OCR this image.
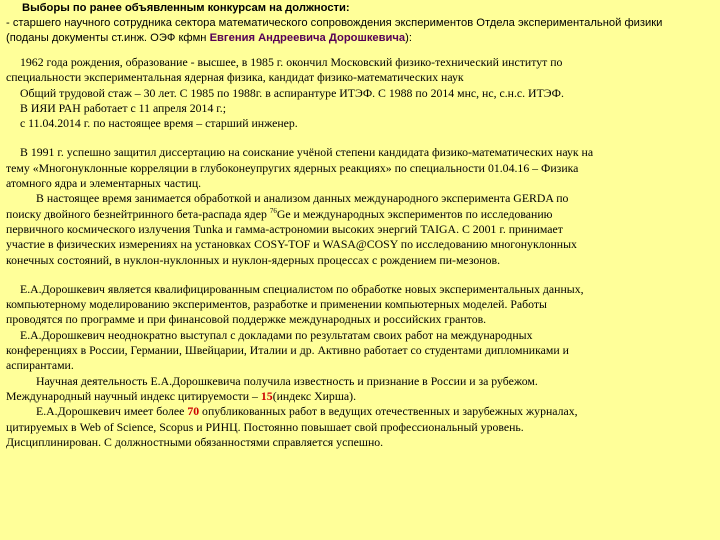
Выборы по ранее объявленным конкурсам на должности:
- старшего научного сотрудника сектора математического сопровождения экспериментов Отдела экспериментальной физики
(поданы документы ст.инж. ОЭФ кфмн Евгения Андреевича Дорошкевича):

1962 года рождения, образование - высшее, в 1985 г. окончил Московский физико-технический институт по

специальности экспериментальная ядерная физика, кандидат физико-математических наук

Общий трудовой стаж – 30 лет. С 1985 по 1988г. в аспирантуре ИТЭФ. С 1988 по 2014 мнс, нс, с.н.с. ИТЭФ.

В ИЯИ РАН работает с 11 апреля 2014 г.;

с 11.04.2014 г. по настоящее время – старший инженер.

В 1991 г. успешно защитил диссертацию на соискание учёной степени кандидата физико-математических наук на

тему «Многонуклонные корреляции в глубоконеупругих ядерных реакциях» по специальности 01.04.16 – Физика

атомного ядра и элементарных частиц.

В настоящее время занимается обработкой и анализом данных международного эксперимента GERDA по

поиску двойного безнейтринного бета-распада ядер $^{76}$Ge и международных экспериментов по исследованию

первичного космического излучения Tunka и гамма-астрономии высоких энергий TAIGA. С 2001 г. принимает

участие в физических измерениях на установках COSY-TOF и WASA@COSY по исследованию многонуклонных

конечных состояний, в нуклон-нуклонных и нуклон-ядерных процессах с рождением пи-мезонов.

Е.А.Дорошкевич является квалифицированным специалистом по обработке новых экспериментальных данных,

компьютерному моделированию экспериментов, разработке и применении компьютерных моделей. Работы

проводятся по программе и при финансовой поддержке международных и российских грантов.

Е.А.Дорошкевич неоднократно выступал с докладами по результатам своих работ на международных

конференциях в России, Германии, Швейцарии, Италии и др. Активно работает со студентами дипломниками и

аспирантами.

Научная деятельность Е.А.Дорошкевича получила известность и признание в России и за рубежом.

Международный научный индекс цитируемости – 15(индекс Хирша).

Е.А.Дорошкевич имеет более 70 опубликованных работ в ведущих отечественных и зарубежных журналах,

цитируемых в Web of Science, Scopus и РИНЦ. Постоянно повышает свой профессиональный уровень.

Дисциплинирован. С должностными обязанностями справляется успешно.
